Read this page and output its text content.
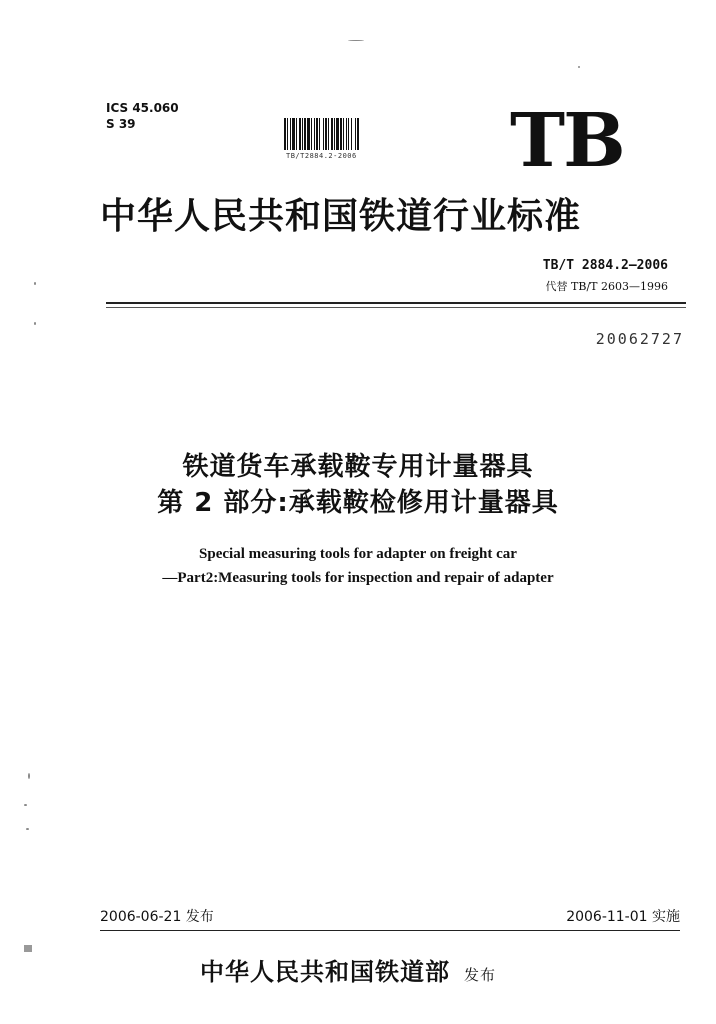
ICS 45.060
S 39
TB/T2884.2-2006 TB
中华人民共和国铁道行业标准
TB/T 2884.2—2006
代替 TB/T 2603—1996
20062727
铁道货车承载鞍专用计量器具
第 2 部分:承载鞍检修用计量器具
Special measuring tools for adapter on freight car
—Part2:Measuring tools for inspection and repair of adapter
2006-06-21 发布	2006-11-01 实施
中华人民共和国铁道部 发布
